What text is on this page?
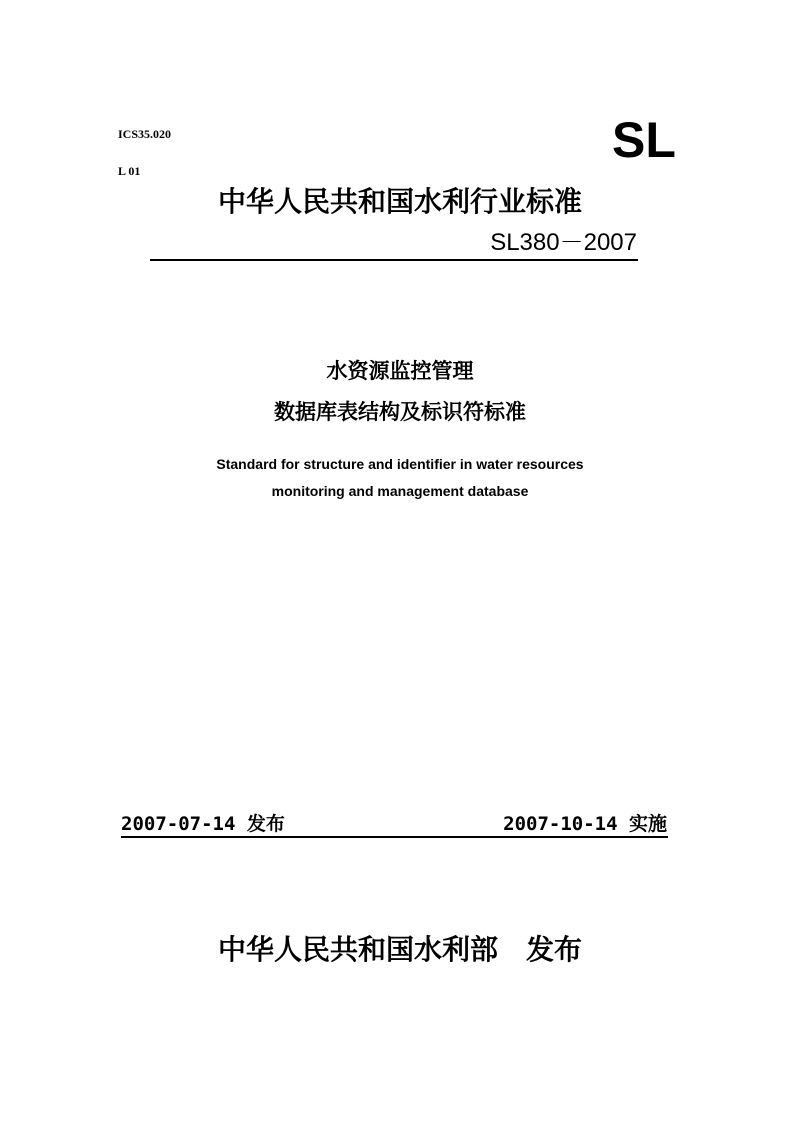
ICS35.020
L 01
SL
中华人民共和国水利行业标准
SL380－2007
水资源监控管理
数据库表结构及标识符标准
Standard for structure and identifier in water resources
monitoring and management database
2007-07-14 发布	2007-10-14 实施
中华人民共和国水利部　发布
